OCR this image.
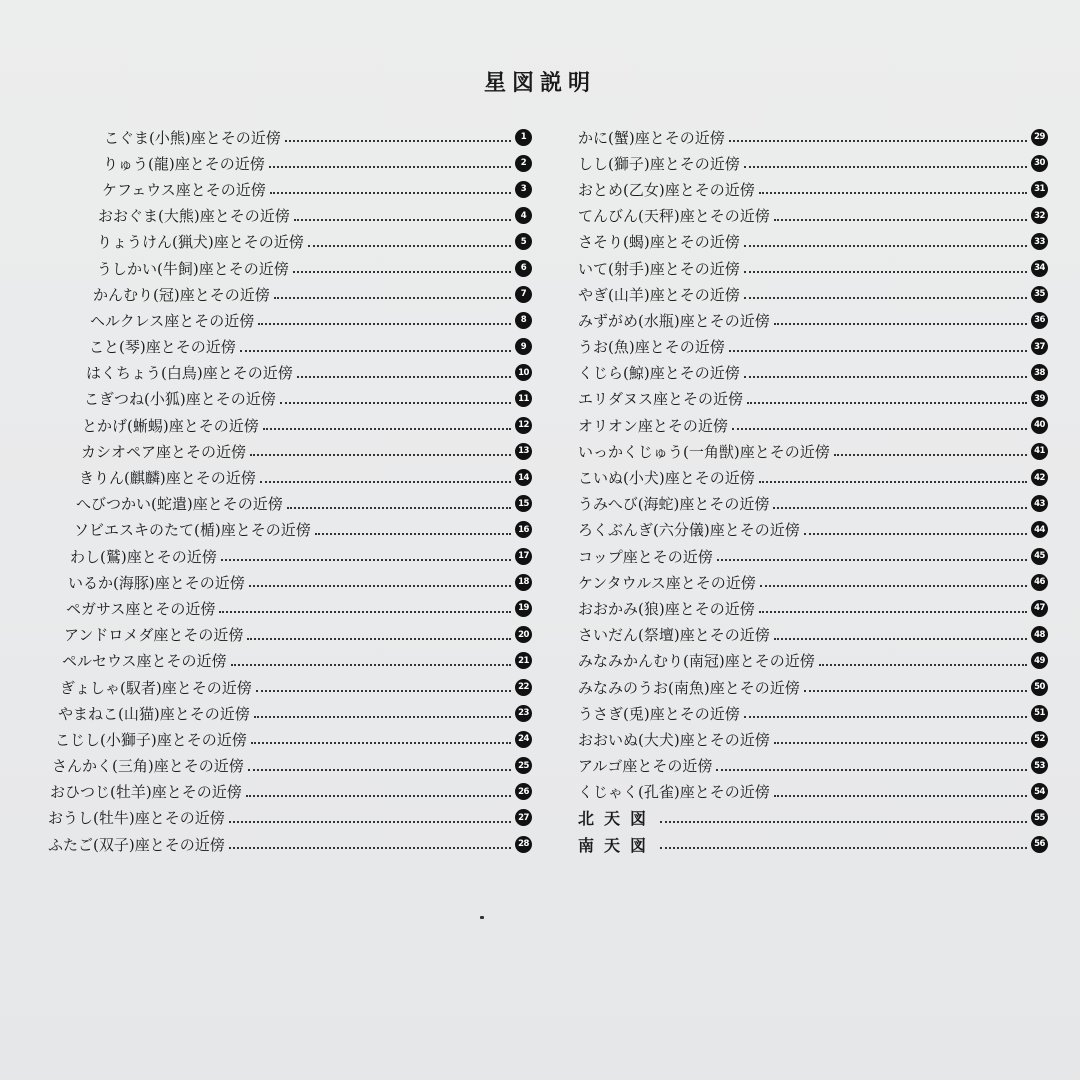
星図説明
こぐま(小熊)座とその近傍	1
りゅう(龍)座とその近傍	2
ケフェウス座とその近傍	3
おおぐま(大熊)座とその近傍	4
りょうけん(猟犬)座とその近傍	5
うしかい(牛飼)座とその近傍	6
かんむり(冠)座とその近傍	7
ヘルクレス座とその近傍	8
こと(琴)座とその近傍	9
はくちょう(白鳥)座とその近傍	10
こぎつね(小狐)座とその近傍	11
とかげ(蜥蜴)座とその近傍	12
カシオペア座とその近傍	13
きりん(麒麟)座とその近傍	14
へびつかい(蛇遣)座とその近傍	15
ソビエスキのたて(楯)座とその近傍	16
わし(鷲)座とその近傍	17
いるか(海豚)座とその近傍	18
ペガサス座とその近傍	19
アンドロメダ座とその近傍	20
ペルセウス座とその近傍	21
ぎょしゃ(馭者)座とその近傍	22
やまねこ(山猫)座とその近傍	23
こじし(小獅子)座とその近傍	24
さんかく(三角)座とその近傍	25
おひつじ(牡羊)座とその近傍	26
おうし(牡牛)座とその近傍	27
ふたご(双子)座とその近傍	28
かに(蟹)座とその近傍	29
しし(獅子)座とその近傍	30
おとめ(乙女)座とその近傍	31
てんびん(天秤)座とその近傍	32
さそり(蝎)座とその近傍	33
いて(射手)座とその近傍	34
やぎ(山羊)座とその近傍	35
みずがめ(水瓶)座とその近傍	36
うお(魚)座とその近傍	37
くじら(鯨)座とその近傍	38
エリダヌス座とその近傍	39
オリオン座とその近傍	40
いっかくじゅう(一角獣)座とその近傍	41
こいぬ(小犬)座とその近傍	42
うみへび(海蛇)座とその近傍	43
ろくぶんぎ(六分儀)座とその近傍	44
コップ座とその近傍	45
ケンタウルス座とその近傍	46
おおかみ(狼)座とその近傍	47
さいだん(祭壇)座とその近傍	48
みなみかんむり(南冠)座とその近傍	49
みなみのうお(南魚)座とその近傍	50
うさぎ(兎)座とその近傍	51
おおいぬ(大犬)座とその近傍	52
アルゴ座とその近傍	53
くじゃく(孔雀)座とその近傍	54
北天図	55
南天図	56
